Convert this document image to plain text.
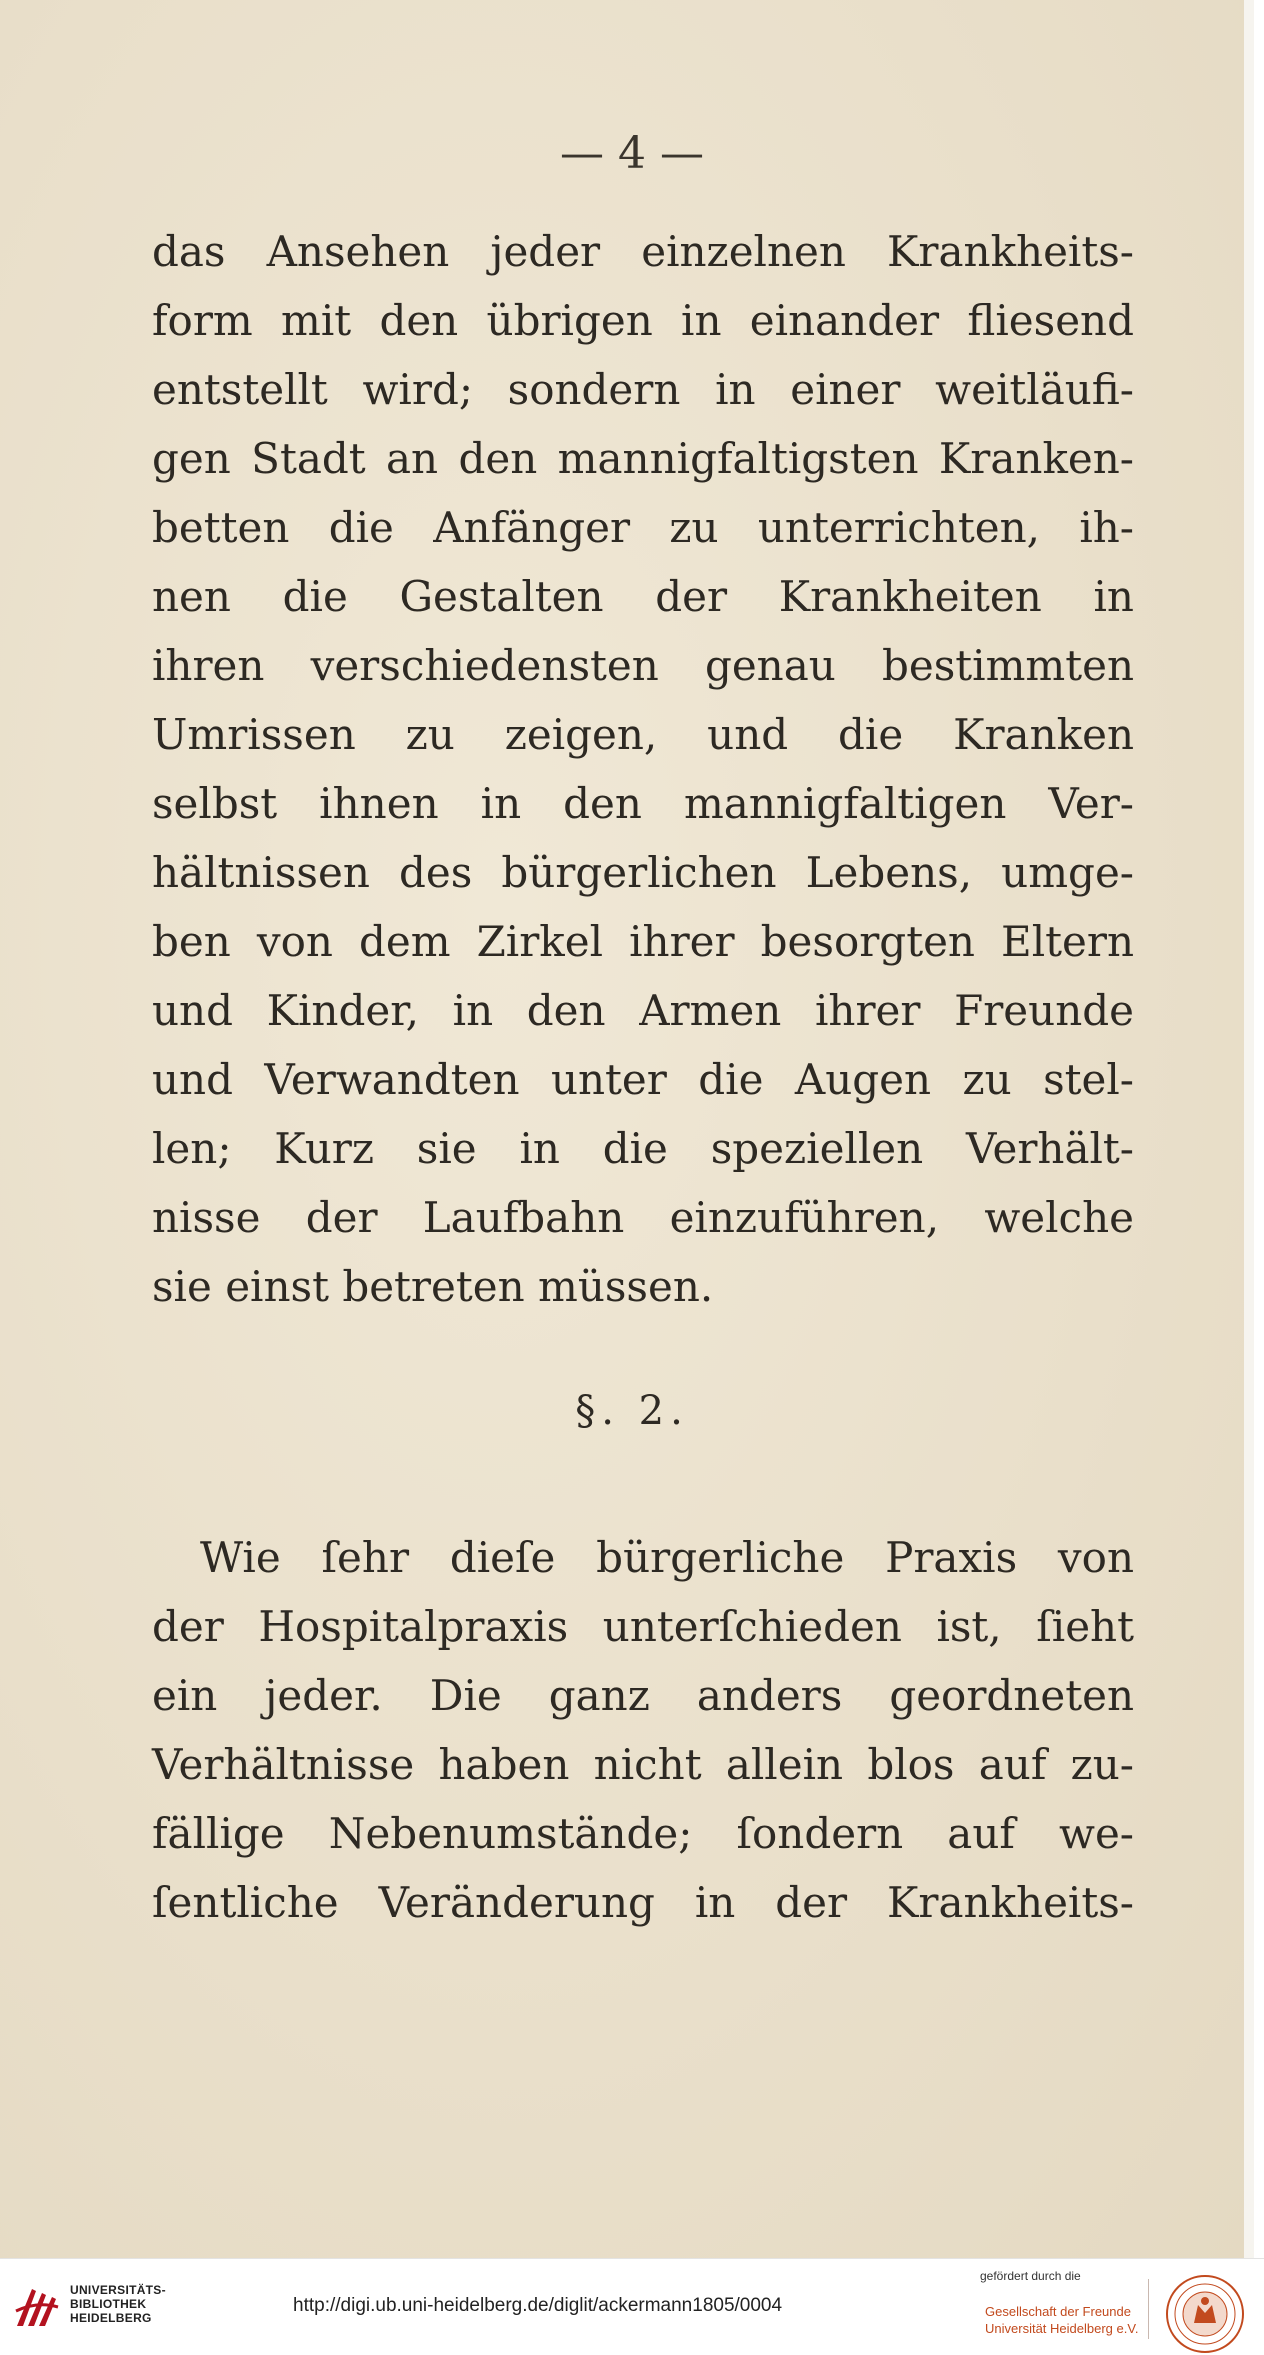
— 4 —
das Ansehen jeder einzelnen Krankheits-
form mit den übrigen in einander fliesend
entstellt wird; sondern in einer weitläufi-
gen Stadt an den mannigfaltigsten Kranken-
betten die Anfänger zu unterrichten, ih-
nen die Gestalten der Krankheiten in
ihren verschiedensten genau bestimmten
Umrissen zu zeigen, und die Kranken
selbst ihnen in den mannigfaltigen Ver-
hältnissen des bürgerlichen Lebens, umge-
ben von dem Zirkel ihrer besorgten Eltern
und Kinder, in den Armen ihrer Freunde
und Verwandten unter die Augen zu stel-
len; Kurz sie in die speziellen Verhält-
nisse der Laufbahn einzuführen, welche
sie einst betreten müssen.
§. 2.
Wie ſehr dieſe bürgerliche Praxis von
der Hospitalpraxis unterſchieden ist, ſieht
ein jeder. Die ganz anders geordneten
Verhältnisse haben nicht allein blos auf zu-
fällige Nebenumstände; ſondern auf we-
ſentliche Veränderung in der Krankheits-
UNIVERSITÄTS-
BIBLIOTHEK
HEIDELBERG
http://digi.ub.uni-heidelberg.de/diglit/ackermann1805/0004
gefördert durch die
Gesellschaft der Freunde
Universität Heidelberg e.V.
